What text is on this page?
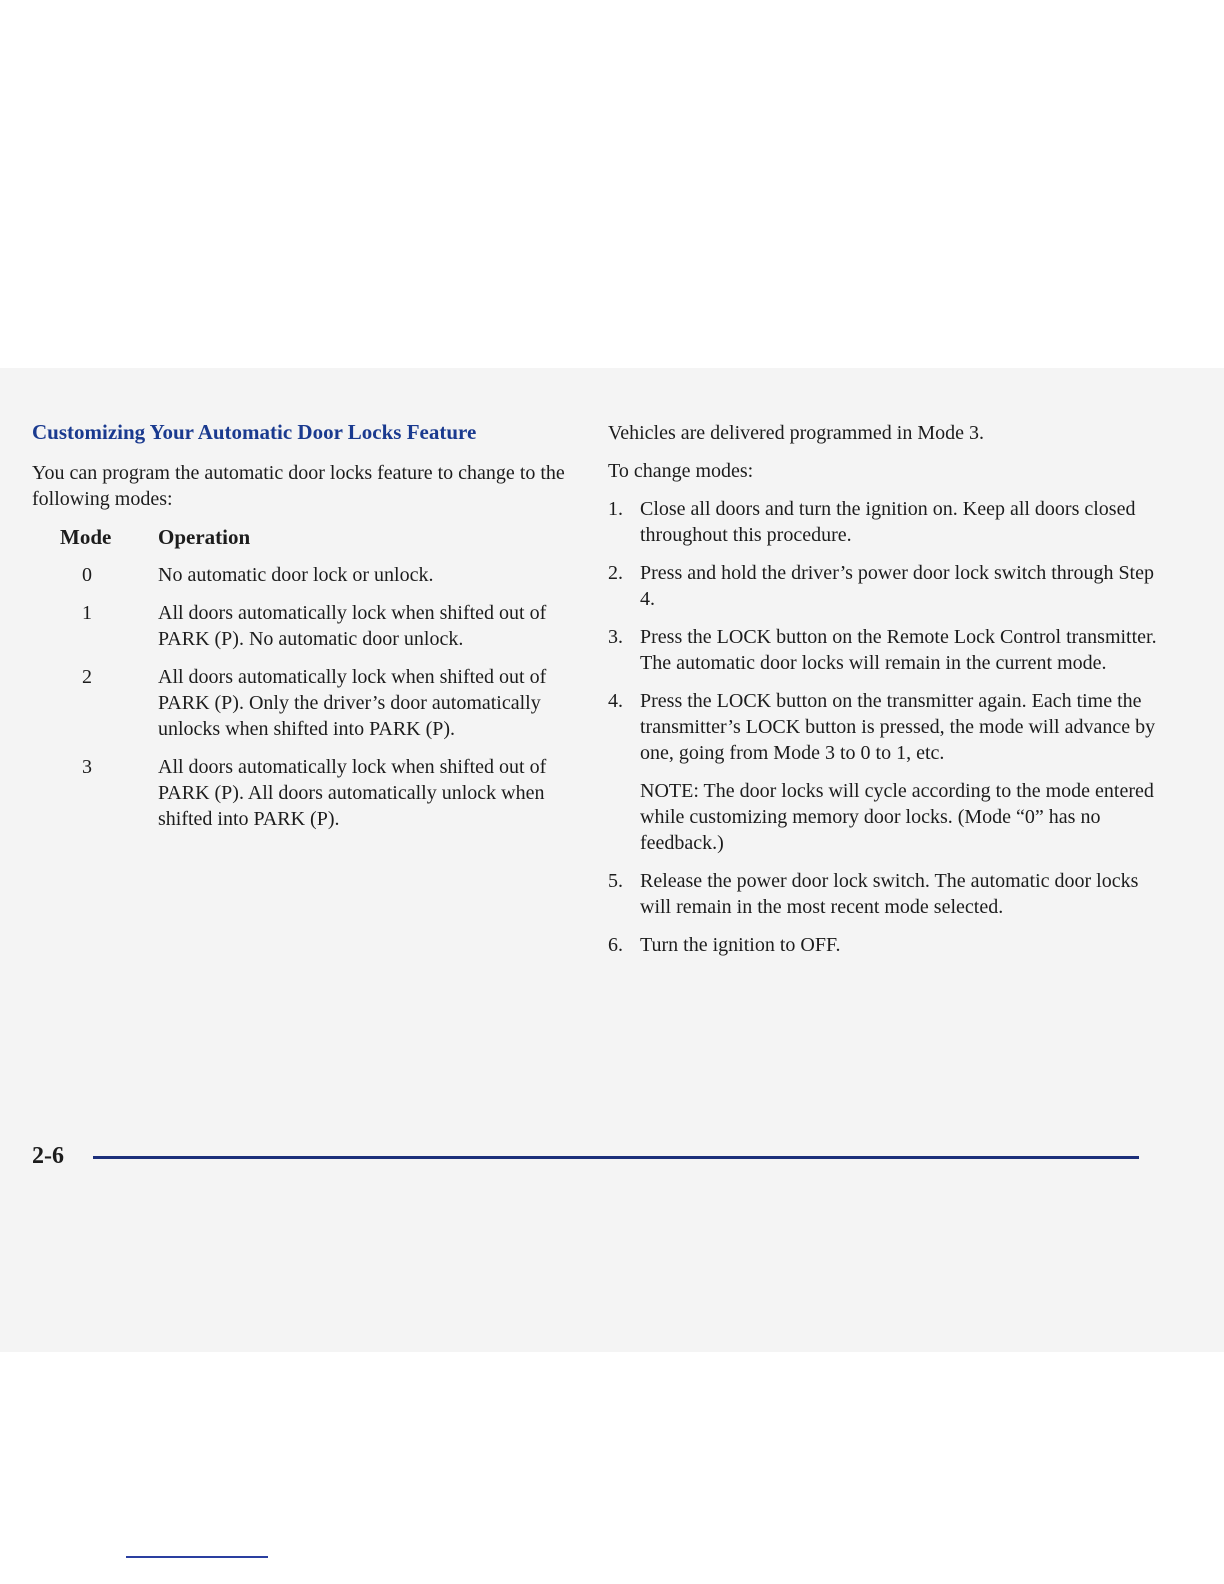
Customizing Your Automatic Door Locks Feature

You can program the automatic door locks feature to change to the following modes:

Mode	Operation
0	No automatic door lock or unlock.
1	All doors automatically lock when shifted out of PARK (P). No automatic door unlock.
2	All doors automatically lock when shifted out of PARK (P). Only the driver’s door automatically unlocks when shifted into PARK (P).
3	All doors automatically lock when shifted out of PARK (P). All doors automatically unlock when shifted into PARK (P).

Vehicles are delivered programmed in Mode 3.

To change modes:

1. Close all doors and turn the ignition on. Keep all doors closed throughout this procedure.

2. Press and hold the driver’s power door lock switch through Step 4.

3. Press the LOCK button on the Remote Lock Control transmitter. The automatic door locks will remain in the current mode.

4. Press the LOCK button on the transmitter again. Each time the transmitter’s LOCK button is pressed, the mode will advance by one, going from Mode 3 to 0 to 1, etc.

NOTE: The door locks will cycle according to the mode entered while customizing memory door locks. (Mode “0” has no feedback.)

5. Release the power door lock switch. The automatic door locks will remain in the most recent mode selected.

6. Turn the ignition to OFF.

2-6
